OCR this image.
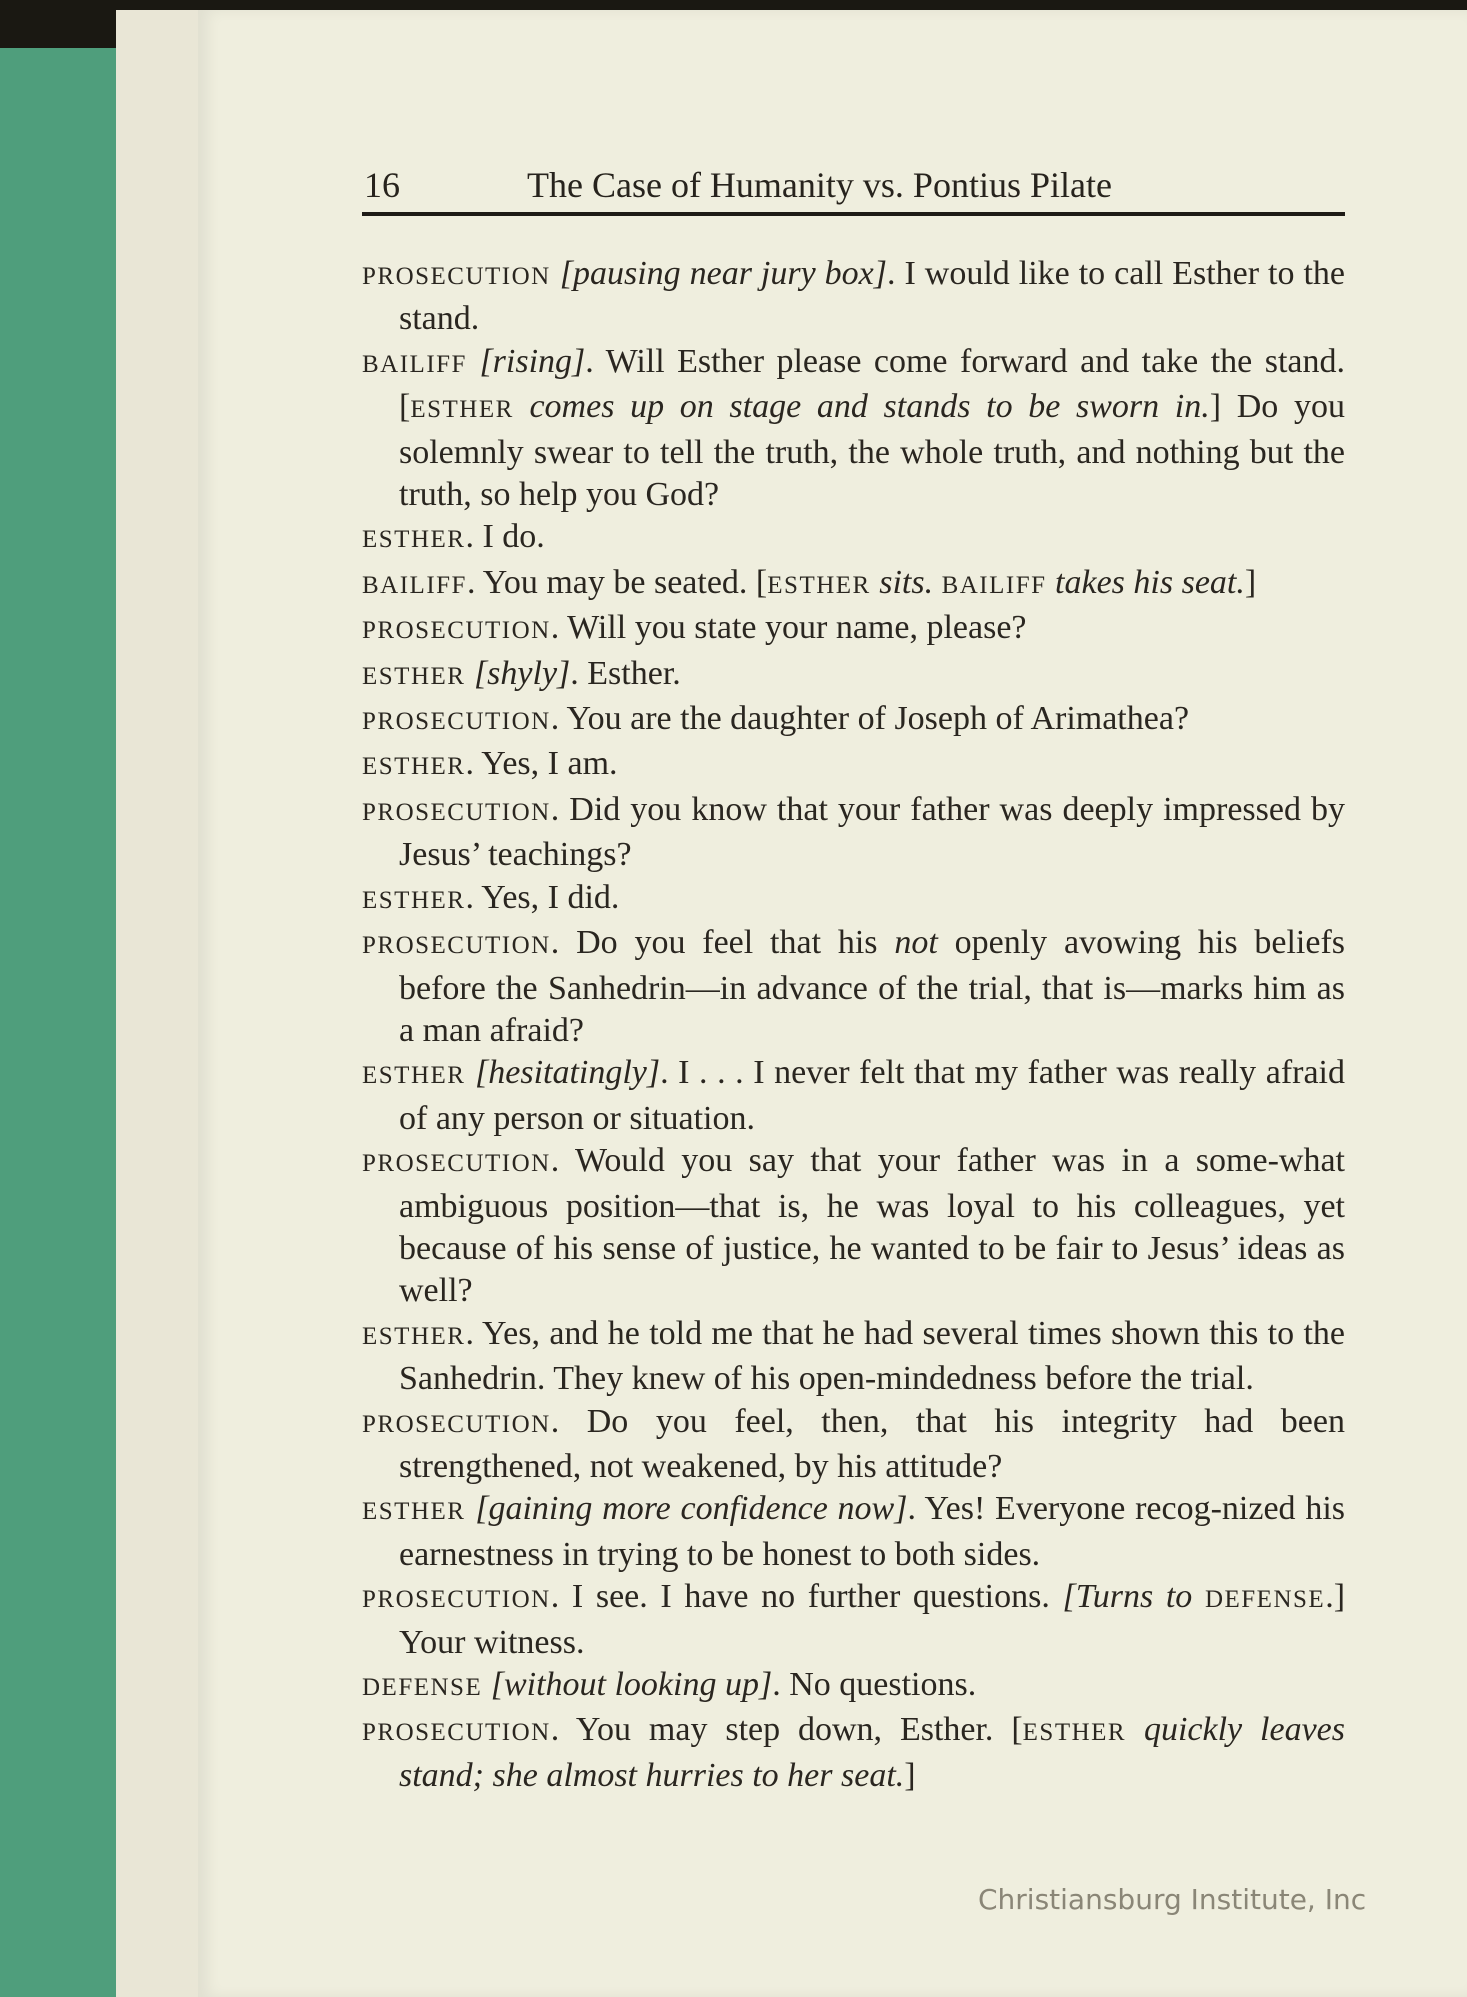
16	The Case of Humanity vs. Pontius Pilate

PROSECUTION [pausing near jury box]. I would like to call Esther to the stand.

BAILIFF [rising]. Will Esther please come forward and take the stand. [ESTHER comes up on stage and stands to be sworn in.] Do you solemnly swear to tell the truth, the whole truth, and nothing but the truth, so help you God?

ESTHER. I do.

BAILIFF. You may be seated. [ESTHER sits. BAILIFF takes his seat.]

PROSECUTION. Will you state your name, please?

ESTHER [shyly]. Esther.

PROSECUTION. You are the daughter of Joseph of Arimathea?

ESTHER. Yes, I am.

PROSECUTION. Did you know that your father was deeply impressed by Jesus’ teachings?

ESTHER. Yes, I did.

PROSECUTION. Do you feel that his not openly avowing his beliefs before the Sanhedrin—in advance of the trial, that is—marks him as a man afraid?

ESTHER [hesitatingly]. I . . . I never felt that my father was really afraid of any person or situation.

PROSECUTION. Would you say that your father was in a some-what ambiguous position—that is, he was loyal to his colleagues, yet because of his sense of justice, he wanted to be fair to Jesus’ ideas as well?

ESTHER. Yes, and he told me that he had several times shown this to the Sanhedrin. They knew of his open-mindedness before the trial.

PROSECUTION. Do you feel, then, that his integrity had been strengthened, not weakened, by his attitude?

ESTHER [gaining more confidence now]. Yes! Everyone recog-nized his earnestness in trying to be honest to both sides.

PROSECUTION. I see. I have no further questions. [Turns to DEFENSE.] Your witness.

DEFENSE [without looking up]. No questions.

PROSECUTION. You may step down, Esther. [ESTHER quickly leaves stand; she almost hurries to her seat.]

Christiansburg Institute, Inc
